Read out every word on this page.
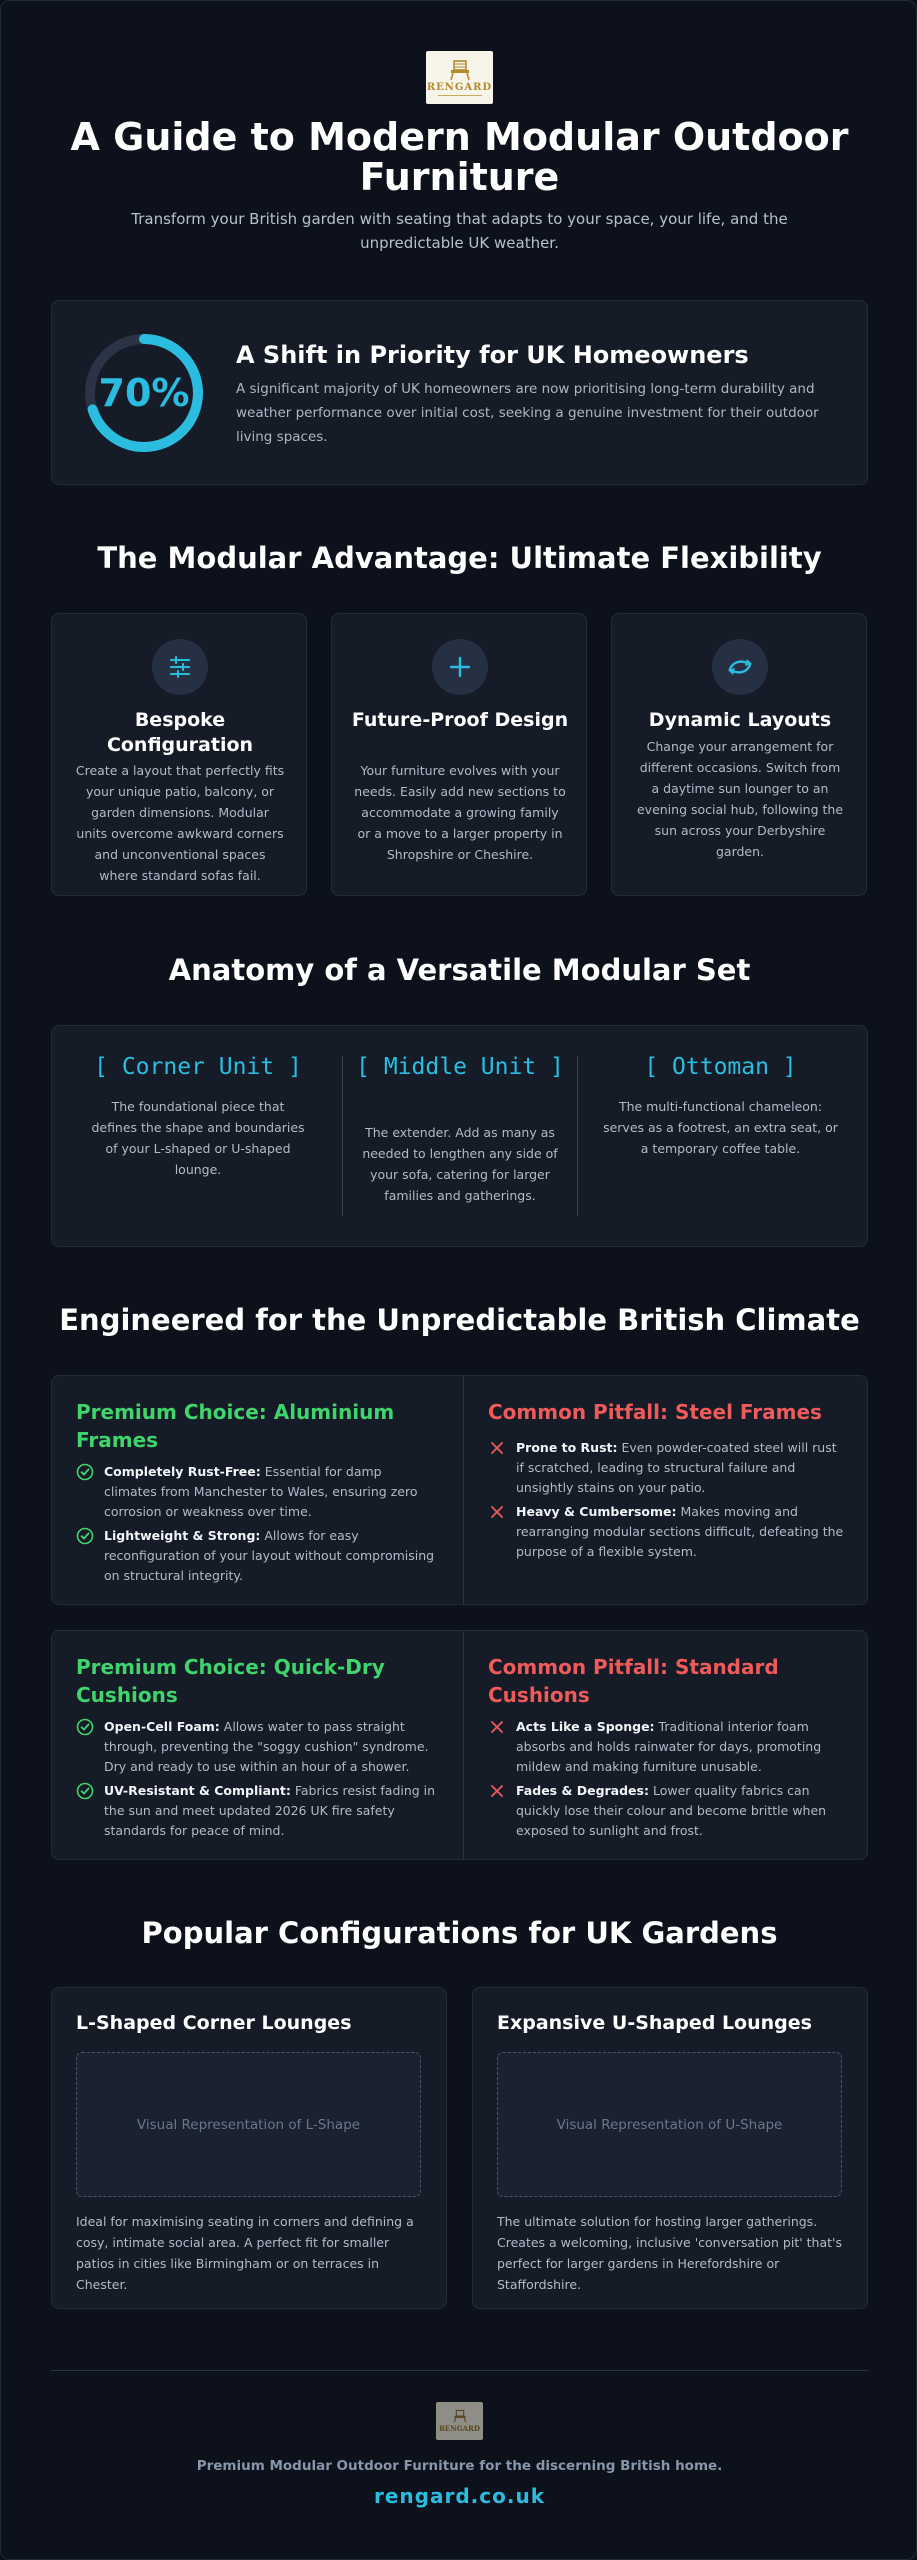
RENGARD
A Guide to Modern Modular Outdoor Furniture

Transform your British garden with seating that adapts to your space, your life, and the unpredictable UK weather.

70%
A Shift in Priority for UK Homeowners

A significant majority of UK homeowners are now prioritising long-term durability and weather performance over initial cost, seeking a genuine investment for their outdoor living spaces.

The Modular Advantage: Ultimate Flexibility
Bespoke Configuration

Create a layout that perfectly fits your unique patio, balcony, or garden dimensions. Modular units overcome awkward corners and unconventional spaces where standard sofas fail.

Future-Proof Design

Your furniture evolves with your needs. Easily add new sections to accommodate a growing family or a move to a larger property in Shropshire or Cheshire.

Dynamic Layouts

Change your arrangement for different occasions. Switch from a daytime sun lounger to an evening social hub, following the sun across your Derbyshire garden.

Anatomy of a Versatile Modular Set
[ Corner Unit ]

The foundational piece that defines the shape and boundaries of your L-shaped or U-shaped lounge.

[ Middle Unit ]

The extender. Add as many as needed to lengthen any side of your sofa, catering for larger families and gatherings.

[ Ottoman ]

The multi-functional chameleon: serves as a footrest, an extra seat, or a temporary coffee table.

Engineered for the Unpredictable British Climate
Premium Choice: Aluminium Frames

Completely Rust-Free: Essential for damp climates from Manchester to Wales, ensuring zero corrosion or weakness over time.

Lightweight & Strong: Allows for easy reconfiguration of your layout without compromising on structural integrity.

Common Pitfall: Steel Frames

Prone to Rust: Even powder-coated steel will rust if scratched, leading to structural failure and unsightly stains on your patio.

Heavy & Cumbersome: Makes moving and rearranging modular sections difficult, defeating the purpose of a flexible system.

Premium Choice: Quick-Dry Cushions

Open-Cell Foam: Allows water to pass straight through, preventing the "soggy cushion" syndrome. Dry and ready to use within an hour of a shower.

UV-Resistant & Compliant: Fabrics resist fading in the sun and meet updated 2026 UK fire safety standards for peace of mind.

Common Pitfall: Standard Cushions

Acts Like a Sponge: Traditional interior foam absorbs and holds rainwater for days, promoting mildew and making furniture unusable.

Fades & Degrades: Lower quality fabrics can quickly lose their colour and become brittle when exposed to sunlight and frost.

Popular Configurations for UK Gardens
L-Shaped Corner Lounges
Visual Representation of L-Shape

Ideal for maximising seating in corners and defining a cosy, intimate social area. A perfect fit for smaller patios in cities like Birmingham or on terraces in Chester.

Expansive U-Shaped Lounges
Visual Representation of U-Shape

The ultimate solution for hosting larger gatherings. Creates a welcoming, inclusive 'conversation pit' that's perfect for larger gardens in Herefordshire or Staffordshire.

RENGARD

Premium Modular Outdoor Furniture for the discerning British home.

rengard.co.uk
